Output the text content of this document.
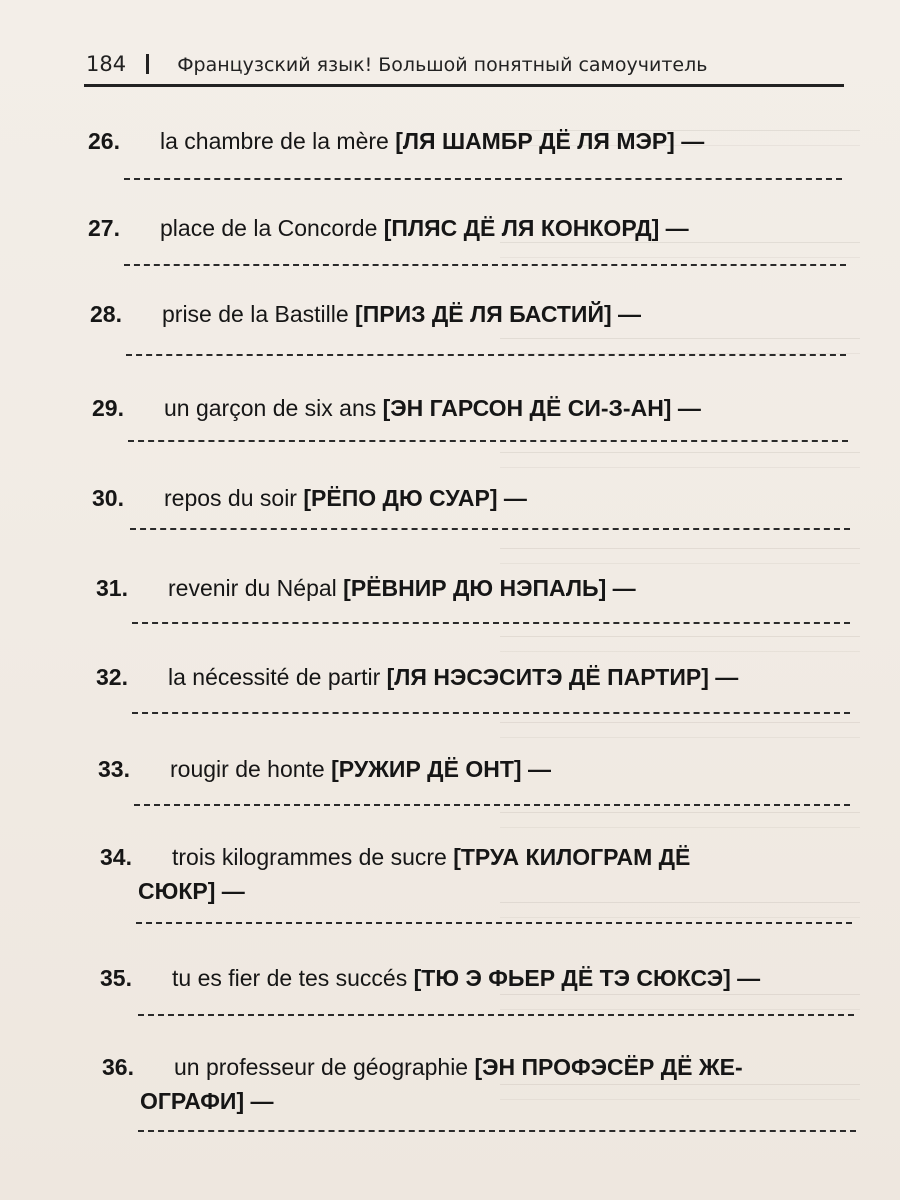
184	Французский язык! Большой понятный самоучитель
26. la chambre de la mère [ЛЯ ШАМБР ДЁ ЛЯ МЭР] —
27. place de la Concorde [ПЛЯС ДЁ ЛЯ КОНКОРД] —
28. prise de la Bastille [ПРИЗ ДЁ ЛЯ БАСТИЙ] —
29. un garçon de six ans [ЭН ГАРСОН ДЁ СИ-З-АН] —
30. repos du soir [РЁПО ДЮ СУАР] —
31. revenir du Népal [РЁВНИР ДЮ НЭПАЛЬ] —
32. la nécessité de partir [ЛЯ НЭСЭСИТЭ ДЁ ПАРТИР] —
33. rougir de honte [РУЖИР ДЁ ОНТ] —
34. trois kilogrammes de sucre [ТРУА КИЛОГРАМ ДЁ
СЮКР] —
35. tu es fier de tes succés [ТЮ Э ФЬЕР ДЁ ТЭ СЮКСЭ] —
36. un professeur de géographie [ЭН ПРОФЭСЁР ДЁ ЖЕ-
ОГРАФИ] —
